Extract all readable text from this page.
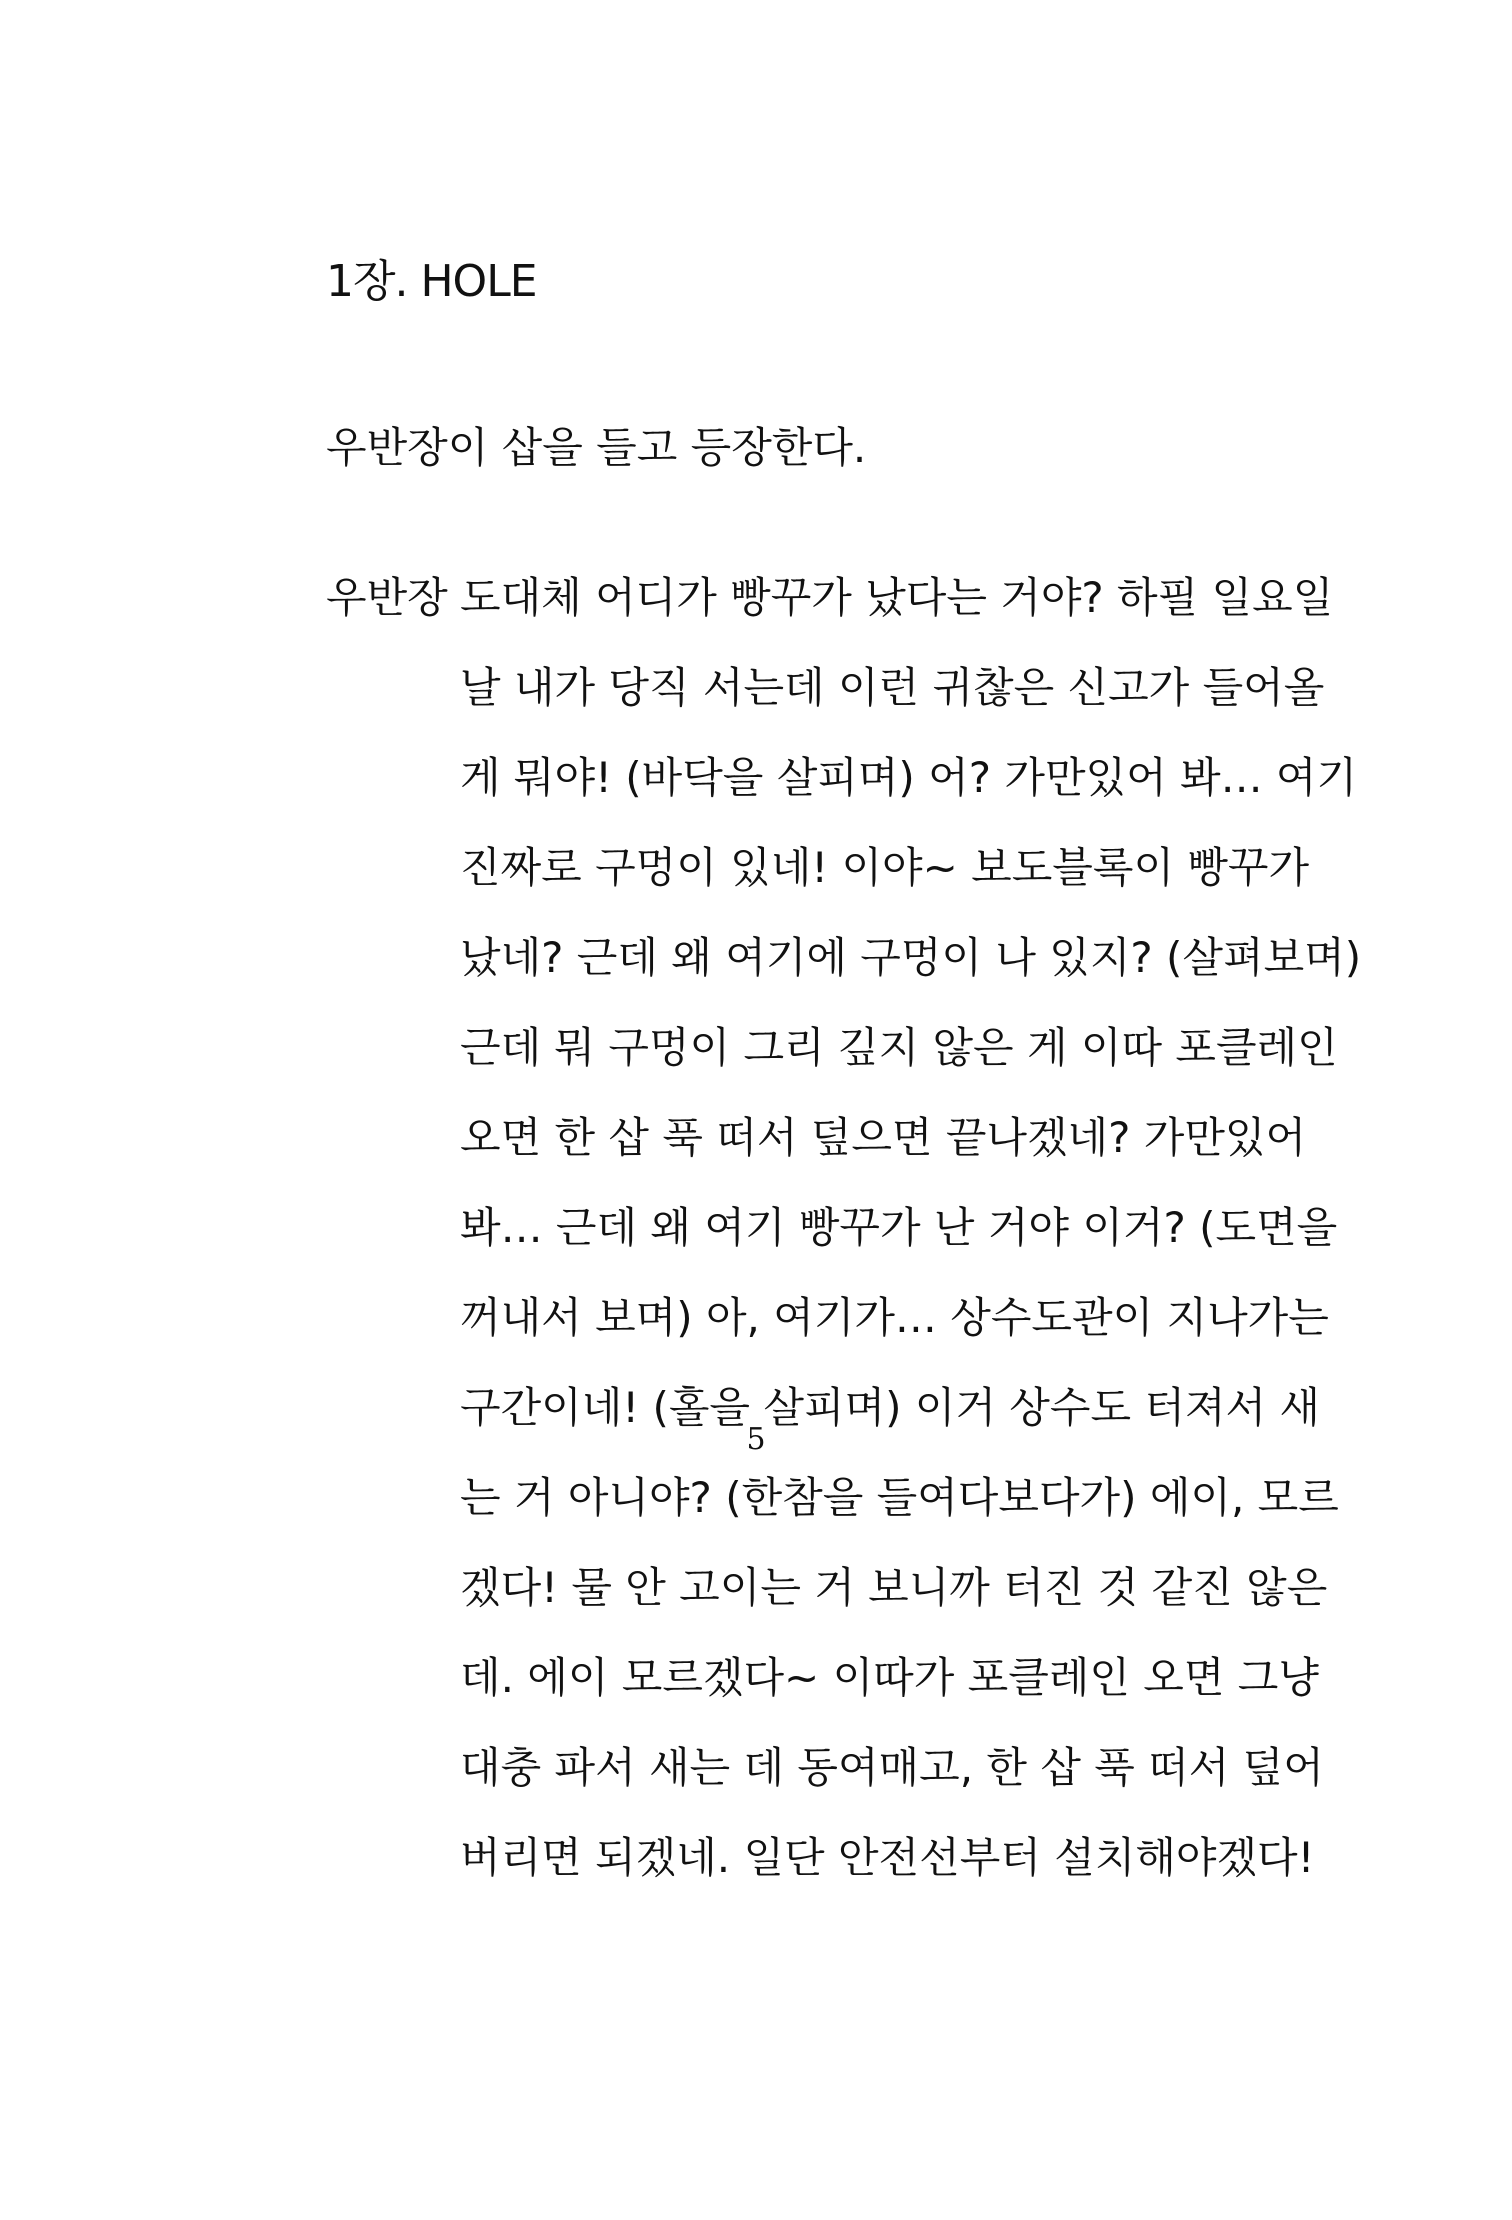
1장. HOLE
우반장이 삽을 들고 등장한다.
우반장 도대체 어디가 빵꾸가 났다는 거야? 하필 일요일
날 내가 당직 서는데 이런 귀찮은 신고가 들어올
게 뭐야! (바닥을 살피며) 어? 가만있어 봐… 여기
진짜로 구멍이 있네! 이야~ 보도블록이 빵꾸가
났네? 근데 왜 여기에 구멍이 나 있지? (살펴보며)
근데 뭐 구멍이 그리 깊지 않은 게 이따 포클레인
오면 한 삽 푹 떠서 덮으면 끝나겠네? 가만있어
봐… 근데 왜 여기 빵꾸가 난 거야 이거? (도면을
꺼내서 보며) 아, 여기가… 상수도관이 지나가는
구간이네! (홀을 살피며) 이거 상수도 터져서 새
는 거 아니야? (한참을 들여다보다가) 에이, 모르
겠다! 물 안 고이는 거 보니까 터진 것 같진 않은
데. 에이 모르겠다~ 이따가 포클레인 오면 그냥
대충 파서 새는 데 동여매고, 한 삽 푹 떠서 덮어
버리면 되겠네. 일단 안전선부터 설치해야겠다!
5
